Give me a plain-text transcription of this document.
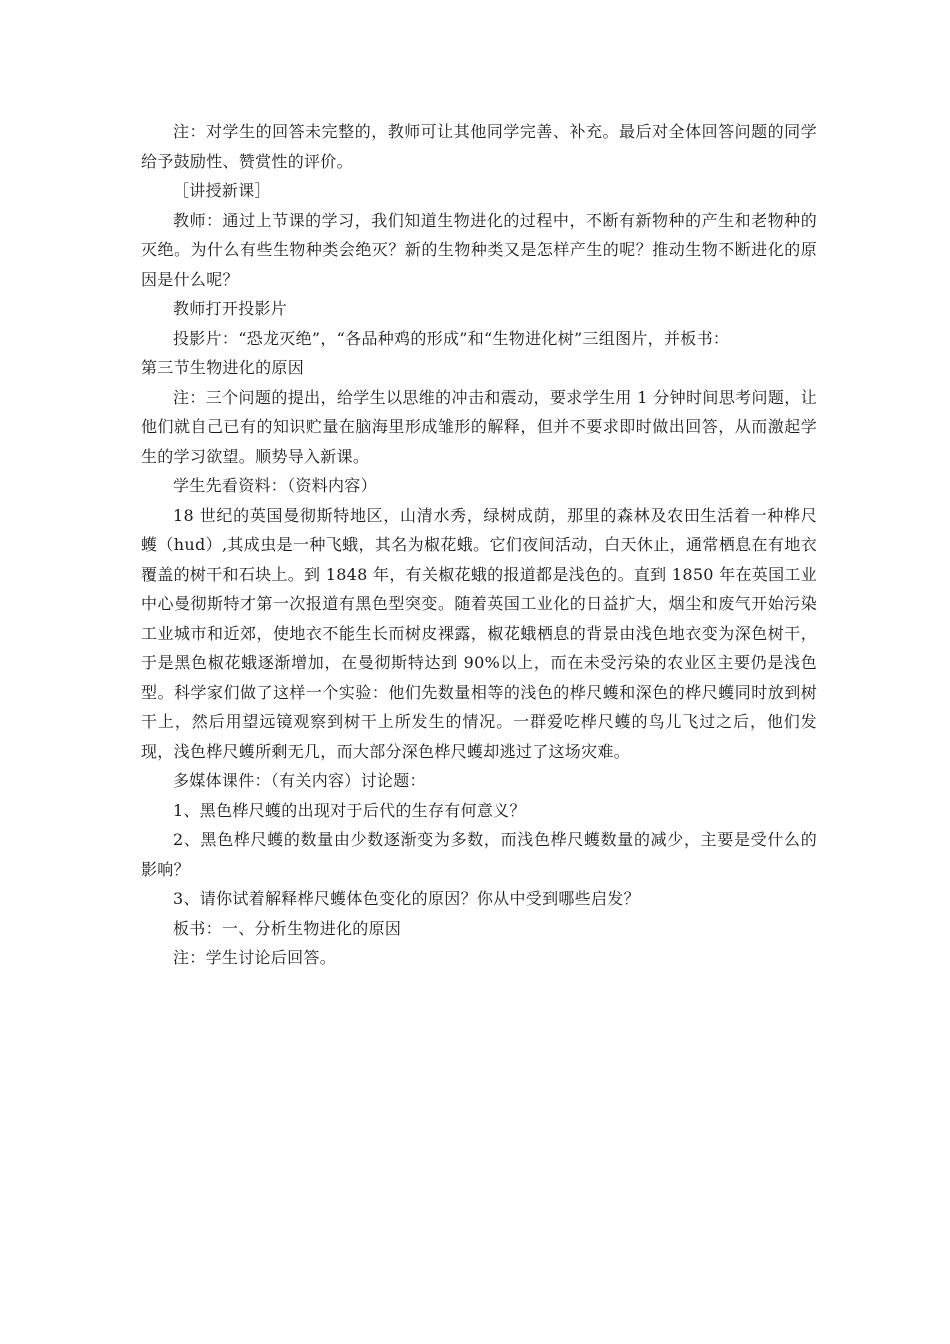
注：对学生的回答未完整的，教师可让其他同学完善、补充。最后对全体回答问题的同学给予鼓励性、赞赏性的评价。

［讲授新课］

教师：通过上节课的学习，我们知道生物进化的过程中，不断有新物种的产生和老物种的灭绝。为什么有些生物种类会绝灭？新的生物种类又是怎样产生的呢？推动生物不断进化的原因是什么呢？

教师打开投影片

投影片：“恐龙灭绝”，“各品种鸡的形成”和“生物进化树”三组图片，并板书：

第三节生物进化的原因

注：三个问题的提出，给学生以思维的冲击和震动，要求学生用 1 分钟时间思考问题，让他们就自己已有的知识贮量在脑海里形成雏形的解释，但并不要求即时做出回答，从而激起学生的学习欲望。顺势导入新课。

学生先看资料：（资料内容）

18 世纪的英国曼彻斯特地区，山清水秀，绿树成荫，那里的森林及农田生活着一种桦尺蠖（hud）,其成虫是一种飞蛾，其名为椒花蛾。它们夜间活动，白天休止，通常栖息在有地衣覆盖的树干和石块上。到 1848 年，有关椒花蛾的报道都是浅色的。直到 1850 年在英国工业中心曼彻斯特才第一次报道有黑色型突变。随着英国工业化的日益扩大，烟尘和废气开始污染工业城市和近郊，使地衣不能生长而树皮裸露，椒花蛾栖息的背景由浅色地衣变为深色树干，于是黑色椒花蛾逐渐增加，在曼彻斯特达到 90%以上，而在未受污染的农业区主要仍是浅色型。科学家们做了这样一个实验：他们先数量相等的浅色的桦尺蠖和深色的桦尺蠖同时放到树干上，然后用望远镜观察到树干上所发生的情况。一群爱吃桦尺蠖的鸟儿飞过之后，他们发现，浅色桦尺蠖所剩无几，而大部分深色桦尺蠖却逃过了这场灾难。

多媒体课件：（有关内容）讨论题：

1、黑色桦尺蠖的出现对于后代的生存有何意义？

2、黑色桦尺蠖的数量由少数逐渐变为多数，而浅色桦尺蠖数量的减少，主要是受什么的影响？

3、请你试着解释桦尺蠖体色变化的原因？你从中受到哪些启发？

板书：一、分析生物进化的原因

注：学生讨论后回答。
